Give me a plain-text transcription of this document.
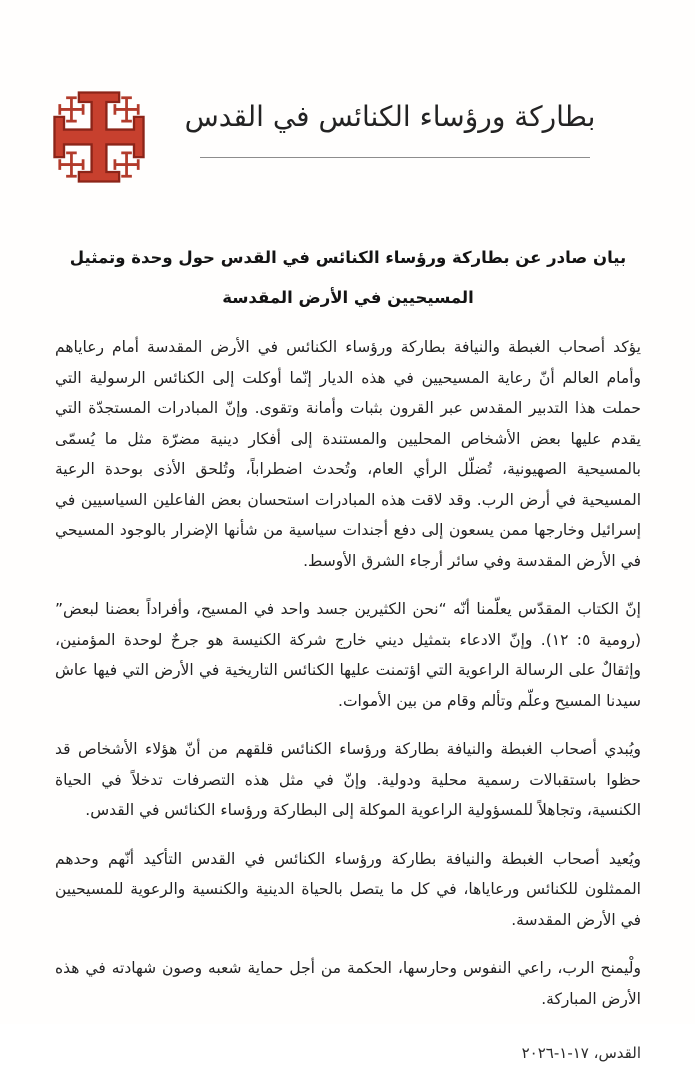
بطاركة ورؤساء الكنائس في القدس
بيان صادر عن بطاركة ورؤساء الكنائس في القدس حول وحدة وتمثيل المسيحيين في الأرض المقدسة

يؤكد أصحاب الغبطة والنيافة بطاركة ورؤساء الكنائس في الأرض المقدسة أمام رعاياهم وأمام العالم أنّ رعاية المسيحيين في هذه الديار إنّما أوكلت إلى الكنائس الرسولية التي حملت هذا التدبير المقدس عبر القرون بثبات وأمانة وتقوى. وإنّ المبادرات المستجدّة التي يقدم عليها بعض الأشخاص المحليين والمستندة إلى أفكار دينية مضرّة مثل ما يُسمّى بالمسيحية الصهيونية، تُضلّل الرأي العام، وتُحدث اضطراباً، وتُلحق الأذى بوحدة الرعية المسيحية في أرض الرب. وقد لاقت هذه المبادرات استحسان بعض الفاعلين السياسيين في إسرائيل وخارجها ممن يسعون إلى دفع أجندات سياسية من شأنها الإضرار بالوجود المسيحي في الأرض المقدسة وفي سائر أرجاء الشرق الأوسط.

إنّ الكتاب المقدّس يعلّمنا أنّه “نحن الكثيرين جسد واحد في المسيح، وأفراداً بعضنا لبعض” (رومية ٥: ١٢). وإنّ الادعاء بتمثيل ديني خارج شركة الكنيسة هو جرحٌ لوحدة المؤمنين، وإثقالٌ على الرسالة الراعوية التي اؤتمنت عليها الكنائس التاريخية في الأرض التي فيها عاش سيدنا المسيح وعلّم وتألم وقام من بين الأموات.

ويُبدي أصحاب الغبطة والنيافة بطاركة ورؤساء الكنائس قلقهم من أنّ هؤلاء الأشخاص قد حظوا باستقبالات رسمية محلية ودولية. وإنّ في مثل هذه التصرفات تدخلاً في الحياة الكنسية، وتجاهلاً للمسؤولية الراعوية الموكلة إلى البطاركة ورؤساء الكنائس في القدس.

ويُعيد أصحاب الغبطة والنيافة بطاركة ورؤساء الكنائس في القدس التأكيد أنّهم وحدهم الممثلون للكنائس ورعاياها، في كل ما يتصل بالحياة الدينية والكنسية والرعوية للمسيحيين في الأرض المقدسة.

ولْيمنح الرب، راعي النفوس وحارسها، الحكمة من أجل حماية شعبه وصون شهادته في هذه الأرض المباركة.

القدس، ١٧-١-٢٠٢٦
